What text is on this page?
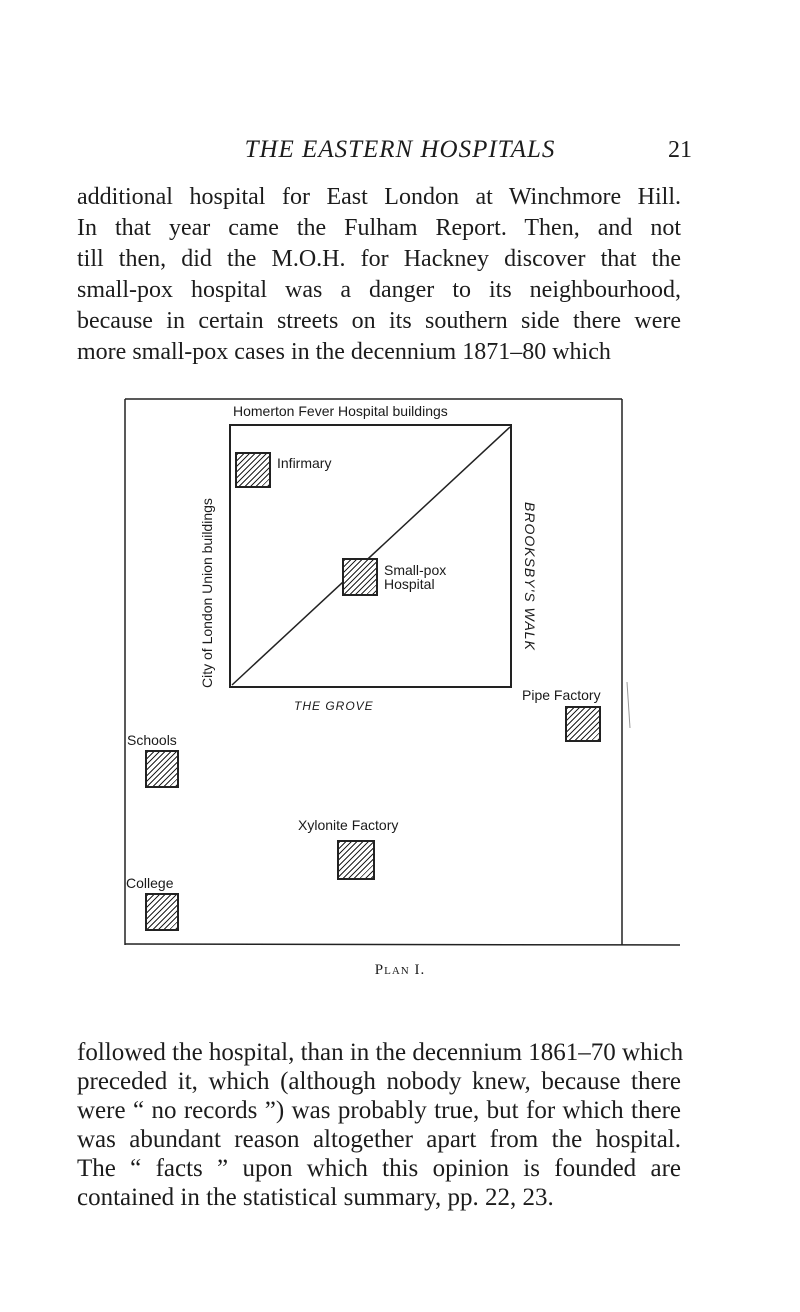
THE EASTERN HOSPITALS	21
additional hospital for East London at Winchmore Hill.
In that year came the Fulham Report. Then, and not
till then, did the M.O.H. for Hackney discover that the
small-pox hospital was a danger to its neighbourhood,
because in certain streets on its southern side there were
more small-pox cases in the decennium 1871–80 which
Homerton Fever Hospital buildings
City of London Union buildings
Infirmary
Small-pox
Hospital	BROOKSBY'S WALK
Pipe Factory
THE GROVE
Schools
Xylonite Factory
College
Plan I.
followed the hospital, than in the decennium 1861–70 which
preceded it, which (although nobody knew, because there
were “ no records ”) was probably true, but for which there
was abundant reason altogether apart from the hospital.
The “ facts ” upon which this opinion is founded are
contained in the statistical summary, pp. 22, 23.
